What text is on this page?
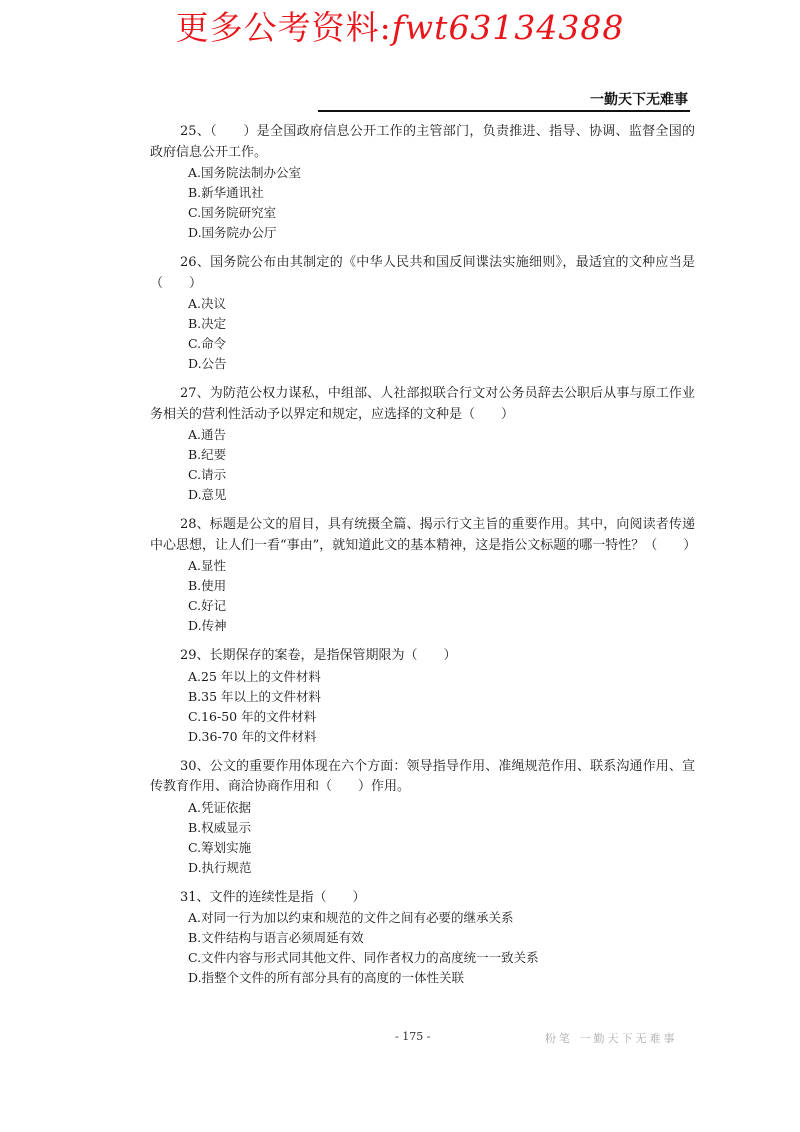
更多公考资料:fwt63134388
一勤天下无难事

25、（　　）是全国政府信息公开工作的主管部门，负责推进、指导、协调、监督全国的政府信息公开工作。

A.国务院法制办公室

B.新华通讯社

C.国务院研究室

D.国务院办公厅

26、国务院公布由其制定的《中华人民共和国反间谍法实施细则》，最适宜的文种应当是（　　）

A.决议

B.决定

C.命令

D.公告

27、为防范公权力谋私，中组部、人社部拟联合行文对公务员辞去公职后从事与原工作业务相关的营利性活动予以界定和规定，应选择的文种是（　　）

A.通告

B.纪要

C.请示

D.意见

28、标题是公文的眉目，具有统摄全篇、揭示行文主旨的重要作用。其中，向阅读者传递中心思想，让人们一看“事由”，就知道此文的基本精神，这是指公文标题的哪一特性？（　　）

A.显性

B.使用

C.好记

D.传神

29、长期保存的案卷，是指保管期限为（　　）

A.25 年以上的文件材料

B.35 年以上的文件材料

C.16-50 年的文件材料

D.36-70 年的文件材料

30、公文的重要作用体现在六个方面：领导指导作用、准绳规范作用、联系沟通作用、宣传教育作用、商洽协商作用和（　　）作用。

A.凭证依据

B.权威显示

C.筹划实施

D.执行规范

31、文件的连续性是指（　　）

A.对同一行为加以约束和规范的文件之间有必要的继承关系

B.文件结构与语言必须周延有效

C.文件内容与形式同其他文件、同作者权力的高度统一一致关系

D.指整个文件的所有部分具有的高度的一体性关联

- 175 -	粉笔 一勤天下无难事
